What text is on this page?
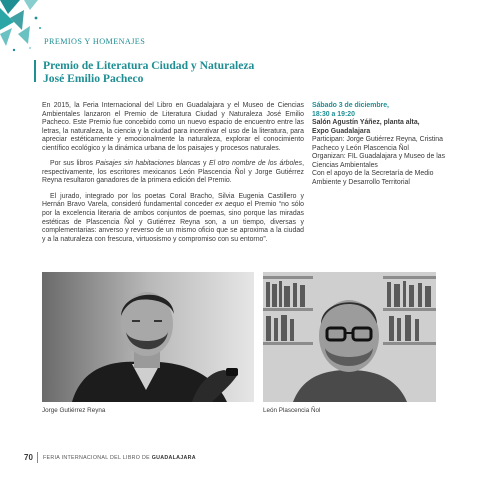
PREMIOS Y HOMENAJES
Premio de Literatura Ciudad y Naturaleza
José Emilio Pacheco

En 2015, la Feria Internacional del Libro en Guadalajara y el Museo de Ciencias Ambientales lanzaron el Premio de Literatura Ciudad y Naturaleza José Emilio Pacheco. Este Premio fue concebido como un nuevo espacio de encuentro entre las letras, la naturaleza, la ciencia y la ciudad para incentivar el uso de la literatura, para apreciar estéticamente y emocionalmente la naturaleza, explorar el conocimiento científico ecológico y la dinámica urbana de los paisajes y procesos naturales.

Por sus libros Paisajes sin habitaciones blancas y El otro nombre de los árboles, respectivamente, los escritores mexicanos León Plascencia Ñol y Jorge Gutiérrez Reyna resultaron ganadores de la primera edición del Premio.

El jurado, integrado por los poetas Coral Bracho, Silvia Eugenia Castillero y Hernán Bravo Varela, consideró fundamental conceder ex aequo el Premio “no sólo por la excelencia literaria de ambos conjuntos de poemas, sino porque las miradas estéticas de Plascencia Ñol y Gutiérrez Reyna son, a un tiempo, diversas y complementarias: anverso y reverso de un mismo oficio que se aproxima a la ciudad y a la naturaleza con frescura, virtuosismo y compromiso con su entorno”.

Sábado 3 de diciembre,
18:30 a 19:20
Salón Agustín Yáñez, planta alta,
Expo Guadalajara
Participan: Jorge Gutiérrez Reyna, Cristina Pacheco y León Plascencia Ñol
Organizan: FIL Guadalajara y Museo de las Ciencias Ambientales
Con el apoyo de la Secretaría de Medio Ambiente y Desarrollo Territorial
Jorge Gutiérrez Reyna	León Plascencia Ñol
70 FERIA INTERNACIONAL DEL LIBRO DE GUADALAJARA
